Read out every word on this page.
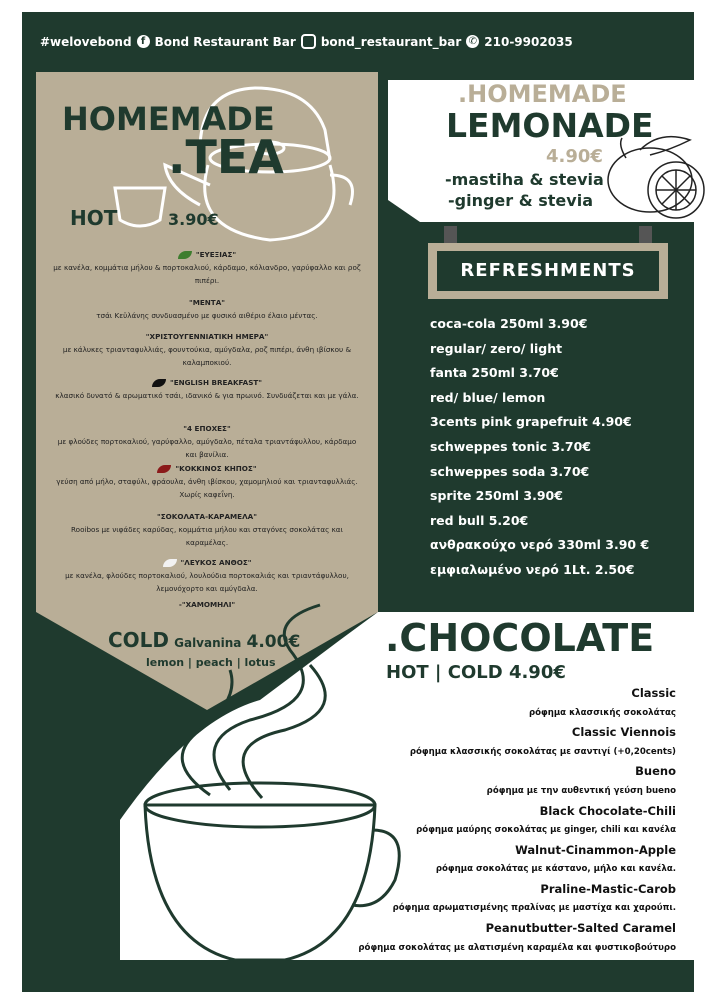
#welovebond f Bond Restaurant Bar bond_restaurant_bar ✆ 210-9902035
HOMEMADE
.TEA
HOT	3.90€
"ΕΥΕΞΙΑΣ"
με κανέλα, κομμάτια μήλου & πορτοκαλιού, κάρδαμο, κόλιανδρο, γαρύφαλλο και ροζ πιπέρι.
"ΜΕΝΤΑ"
τσάι Κεϋλάνης συνδυασμένο με φυσικό αιθέριο έλαιο μέντας.
"ΧΡΙΣΤΟΥΓΕΝΝΙΑΤΙΚΗ ΗΜΕΡΑ"
με κάλυκες τριανταφυλλιάς, φουντούκια, αμύγδαλα, ροζ πιπέρι, άνθη ιβίσκου & καλαμποκιού.
"ENGLISH BREAKFAST"
κλασικό δυνατό & αρωματικό τσάι, ιδανικό & για πρωινό. Συνδυάζεται και με γάλα.
"4 ΕΠΟΧΕΣ"
με φλούδες πορτοκαλιού, γαρύφαλλο, αμύγδαλο, πέταλα τριαντάφυλλου, κάρδαμο και βανίλια.
"ΚΟΚΚΙΝΟΣ ΚΗΠΟΣ"
γεύση από μήλο, σταφύλι, φράουλα, άνθη ιβίσκου, χαμομηλιού και τριανταφυλλιάς. Χωρίς καφεΐνη.
"ΣΟΚΟΛΑΤΑ-ΚΑΡΑΜΕΛΑ"
Rooibos με νιφάδες καρύδας, κομμάτια μήλου και σταγόνες σοκολάτας και καραμέλας.
"ΛΕΥΚΟΣ ΑΝΘΟΣ"
με κανέλα, φλούδες πορτοκαλιού, λουλούδια πορτοκαλιάς και τριαντάφυλλου, λεμονόχορτο και αμύγδαλα.
-"ΧΑΜΟΜΗΛΙ"
COLD Galvanina 4.00€
lemon | peach | lotus
.HOMEMADE
LEMONADE
4.90€
-mastiha & stevia
-ginger & stevia
REFRESHMENTS
coca-cola 250ml 3.90€
regular/ zero/ light
fanta 250ml 3.70€
red/ blue/ lemon
3cents pink grapefruit 4.90€
schweppes tonic 3.70€
schweppes soda 3.70€
sprite 250ml 3.90€
red bull 5.20€
ανθρακούχο νερό 330ml 3.90 €
εμφιαλωμένο νερό 1Lt. 2.50€
.CHOCOLATE
HOT | COLD 4.90€
Classic
ρόφημα κλασσικής σοκολάτας
Classic Viennois
ρόφημα κλασσικής σοκολάτας με σαντιγί (+0,20cents)
Bueno
ρόφημα με την αυθεντική γεύση bueno
Black Chocolate-Chili
ρόφημα μαύρης σοκολάτας με ginger, chili και κανέλα
Walnut-Cinammon-Apple
ρόφημα σοκολάτας με κάστανο, μήλο και κανέλα.
Praline-Mastic-Carob
ρόφημα αρωματισμένης πραλίνας με μαστίχα και χαρούπι.
Peanutbutter-Salted Caramel
ρόφημα σοκολάτας με αλατισμένη καραμέλα και φυστικοβούτυρο
